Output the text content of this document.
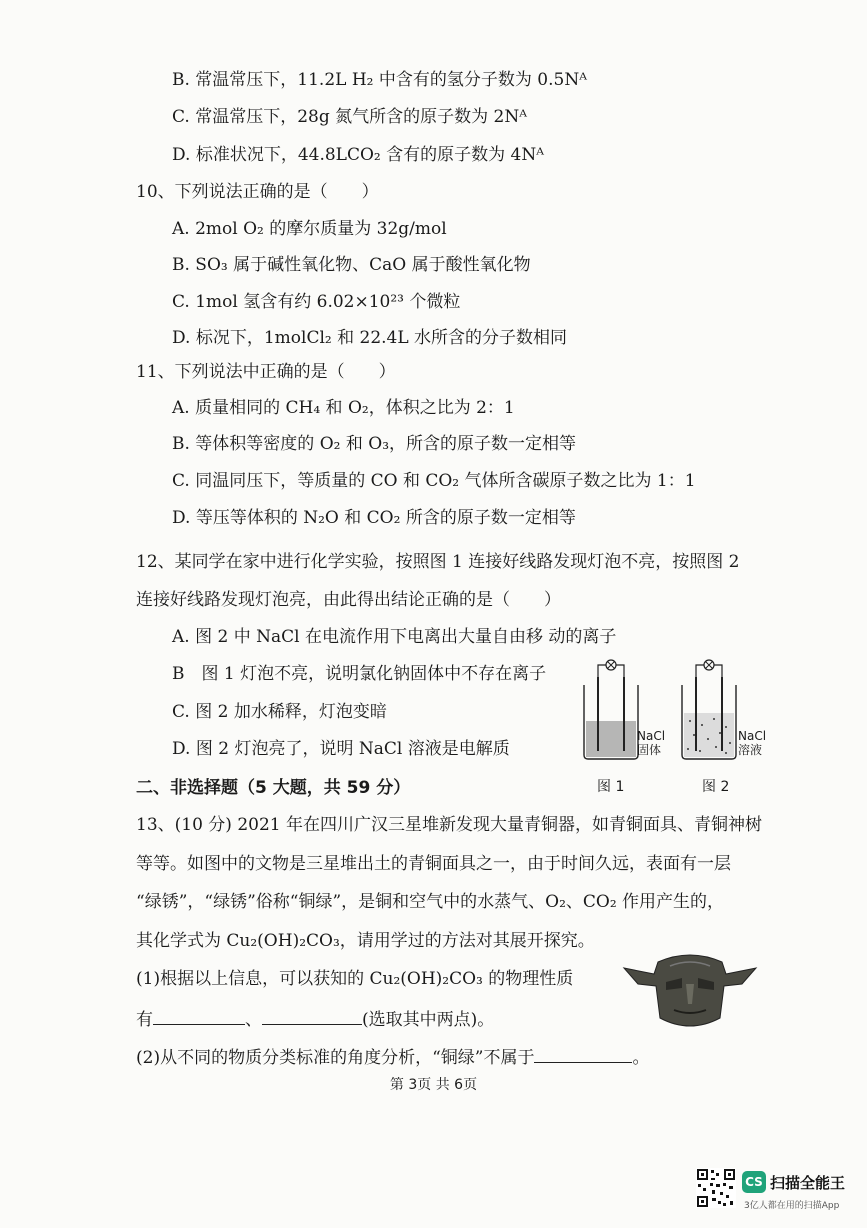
B. 常温常压下，11.2L H₂ 中含有的氢分子数为 0.5Nᴬ
C. 常温常压下，28g 氮气所含的原子数为 2Nᴬ
D. 标准状况下，44.8LCO₂ 含有的原子数为 4Nᴬ
10、下列说法正确的是（　　）
A. 2mol O₂ 的摩尔质量为 32g/mol
B. SO₃ 属于碱性氧化物、CaO 属于酸性氧化物
C. 1mol 氢含有约 6.02×10²³ 个微粒
D. 标况下，1molCl₂ 和 22.4L 水所含的分子数相同
11、下列说法中正确的是（　　）
A. 质量相同的 CH₄ 和 O₂，体积之比为 2：1
B. 等体积等密度的 O₂ 和 O₃，所含的原子数一定相等
C. 同温同压下，等质量的 CO 和 CO₂ 气体所含碳原子数之比为 1：1
D. 等压等体积的 N₂O 和 CO₂ 所含的原子数一定相等
12、某同学在家中进行化学实验，按照图 1 连接好线路发现灯泡不亮，按照图 2
连接好线路发现灯泡亮，由此得出结论正确的是（　　）
A. 图 2 中 NaCl 在电流作用下电离出大量自由移 动的离子
B　图 1 灯泡不亮，说明氯化钠固体中不存在离子
C. 图 2 加水稀释，灯泡变暗
D. 图 2 灯泡亮了，说明 NaCl 溶液是电解质
NaCl
固体
NaCl
溶液
图 1	图 2
二、非选择题（5 大题，共 59 分）
13、(10 分) 2021 年在四川广汉三星堆新发现大量青铜器，如青铜面具、青铜神树
等等。如图中的文物是三星堆出土的青铜面具之一，由于时间久远，表面有一层
“绿锈”，“绿锈”俗称“铜绿”，是铜和空气中的水蒸气、O₂、CO₂ 作用产生的，
其化学式为 Cu₂(OH)₂CO₃，请用学过的方法对其展开探究。
(1)根据以上信息，可以获知的 Cu₂(OH)₂CO₃ 的物理性质
有	、	(选取其中两点)。
(2)从不同的物质分类标准的角度分析，“铜绿”不属于	。
第 3页 共 6页
CS 扫描全能王
3亿人都在用的扫描App
